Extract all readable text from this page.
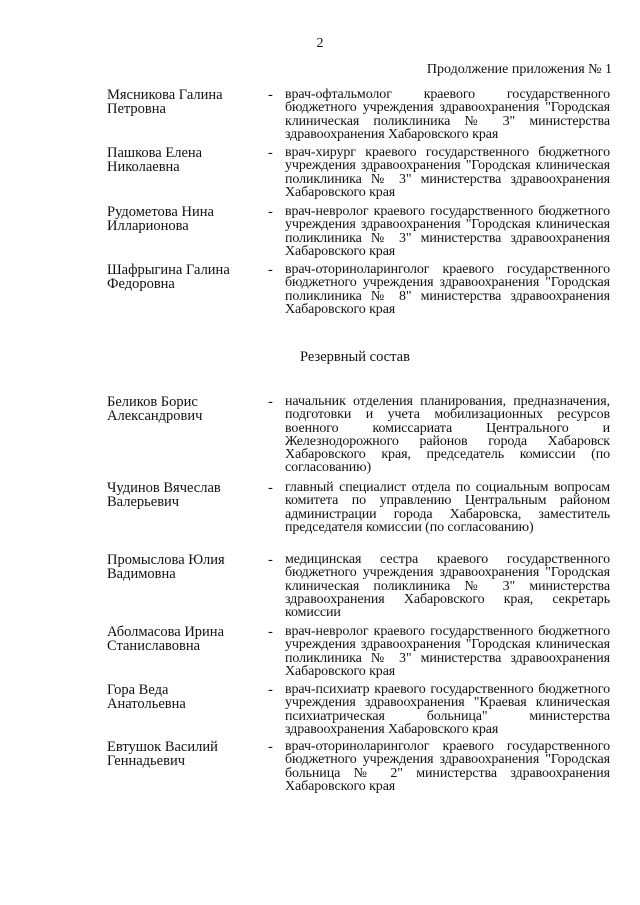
2
Продолжение приложения № 1
Мясникова Галина
Петровна
- врач-офтальмолог краевого государственного бюджетного учреждения здравоохранения "Городская клиническая поликлиника № 3" министерства здравоохранения Хабаровского края
Пашкова Елена
Николаевна
- врач-хирург краевого государственного бюджетного учреждения здравоохранения "Городская клиническая поликлиника № 3" министерства здравоохранения Хабаровского края
Рудометова Нина
Илларионова
- врач-невролог краевого государственного бюджетного учреждения здравоохранения "Городская клиническая поликлиника № 3" министерства здравоохранения Хабаровского края
Шафрыгина Галина
Федоровна
- врач-оториноларинголог краевого государственного бюджетного учреждения здравоохранения "Городская поликлиника № 8" министерства здравоохранения Хабаровского края
Резервный состав
Беликов Борис
Александрович
- начальник отделения планирования, предназначения, подготовки и учета мобилизационных ресурсов военного комиссариата Центрального и Железнодорожного районов города Хабаровск Хабаровского края, председатель комиссии (по согласованию)
Чудинов Вячеслав
Валерьевич
- главный специалист отдела по социальным вопросам комитета по управлению Центральным районом администрации города Хабаровска, заместитель председателя комиссии (по согласованию)
Промыслова Юлия
Вадимовна
- медицинская сестра краевого государственного бюджетного учреждения здравоохранения "Городская клиническая поликлиника № 3" министерства здравоохранения Хабаровского края, секретарь комиссии
Аболмасова Ирина
Станиславовна
- врач-невролог краевого государственного бюджетного учреждения здравоохранения "Городская клиническая поликлиника № 3" министерства здравоохранения Хабаровского края
Гора Веда
Анатольевна
- врач-психиатр краевого государственного бюджетного учреждения здравоохранения "Краевая клиническая психиатрическая больница" министерства здравоохранения Хабаровского края
Евтушок Василий
Геннадьевич
- врач-оториноларинголог краевого государственного бюджетного учреждения здравоохранения "Городская больница № 2" министерства здравоохранения Хабаровского края
